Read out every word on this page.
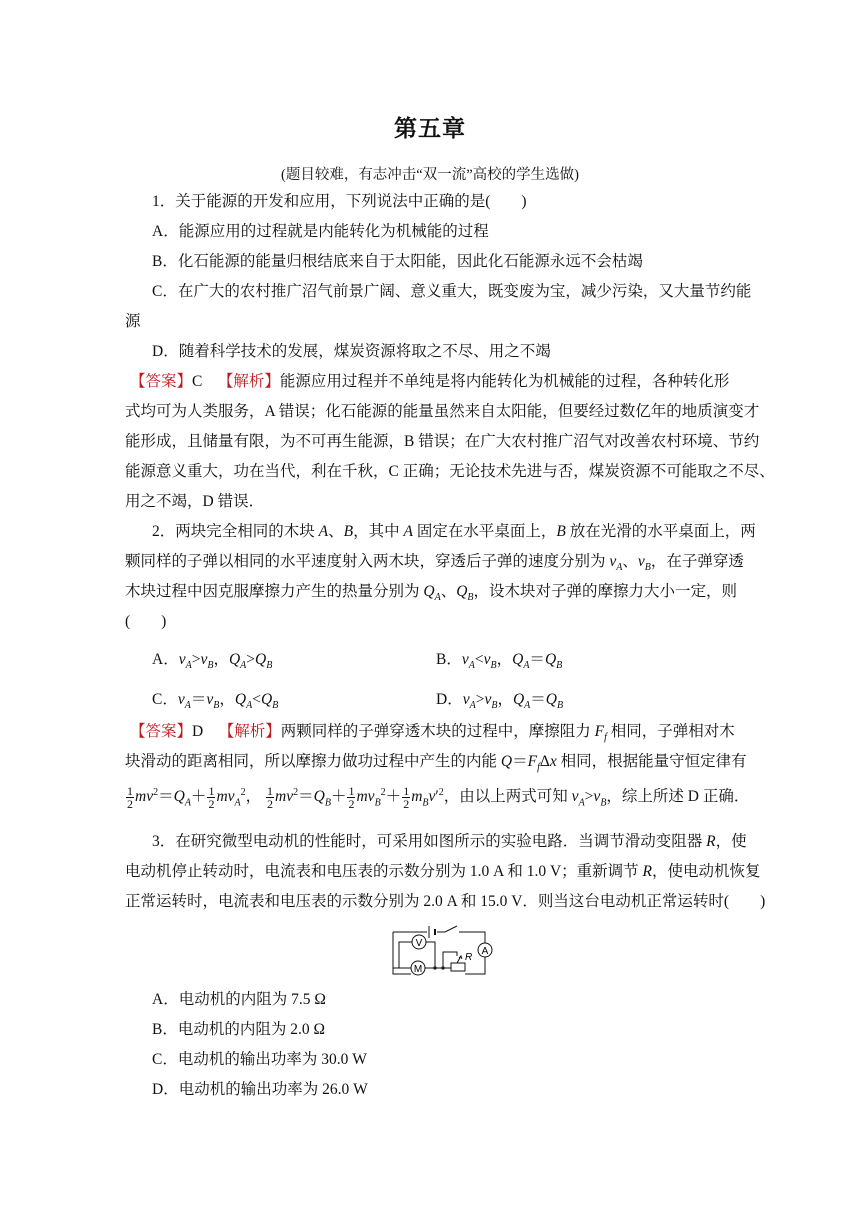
第五章
(题目较难，有志冲击“双一流”高校的学生选做)
1．关于能源的开发和应用，下列说法中正确的是(　　)
A．能源应用的过程就是内能转化为机械能的过程
B．化石能源的能量归根结底来自于太阳能，因此化石能源永远不会枯竭
C．在广大的农村推广沼气前景广阔、意义重大，既变废为宝，减少污染，又大量节约能
源
D．随着科学技术的发展，煤炭资源将取之不尽、用之不竭
【答案】C 【解析】能源应用过程并不单纯是将内能转化为机械能的过程，各种转化形
式均可为人类服务，A 错误；化石能源的能量虽然来自太阳能，但要经过数亿年的地质演变才
能形成，且储量有限，为不可再生能源，B 错误；在广大农村推广沼气对改善农村环境、节约
能源意义重大，功在当代，利在千秋，C 正确；无论技术先进与否，煤炭资源不可能取之不尽、
用之不竭，D 错误．
2．两块完全相同的木块 A、B，其中 A 固定在水平桌面上，B 放在光滑的水平桌面上，两
颗同样的子弹以相同的水平速度射入两木块，穿透后子弹的速度分别为 $v_A$、$v_B$，在子弹穿透
木块过程中因克服摩擦力产生的热量分别为 $Q_A$、$Q_B$，设木块对子弹的摩擦力大小一定，则
(　　)
A．$v_A>v_B$，$Q_A>Q_B$	B．$v_A<v_B$，$Q_A=Q_B$
C．$v_A=v_B$，$Q_A<Q_B$	D．$v_A>v_B$，$Q_A=Q_B$
【答案】D 【解析】两颗同样的子弹穿透木块的过程中，摩擦阻力 $F_f$ 相同，子弹相对木
块滑动的距离相同，所以摩擦力做功过程中产生的内能 $Q=F_f\Delta x$ 相同，根据能量守恒定律有
$\frac{1}{2} mv^2=Q_A+ \frac{1}{2} mv_A^2$， $\frac{1}{2} mv^2=Q_B+ \frac{1}{2} mv_B^2+ \frac{1}{2} m_Bv'^2$，由以上两式可知 $v_A>v_B$，综上所述 D 正确．
3．在研究微型电动机的性能时，可采用如图所示的实验电路．当调节滑动变阻器 R，使
电动机停止转动时，电流表和电压表的示数分别为 1.0 A 和 1.0 V；重新调节 R，使电动机恢复
正常运转时，电流表和电压表的示数分别为 2.0 A 和 15.0 V．则当这台电动机正常运转时(　　)
V
M
A
R
A．电动机的内阻为 7.5 Ω
B．电动机的内阻为 2.0 Ω
C．电动机的输出功率为 30.0 W
D．电动机的输出功率为 26.0 W
